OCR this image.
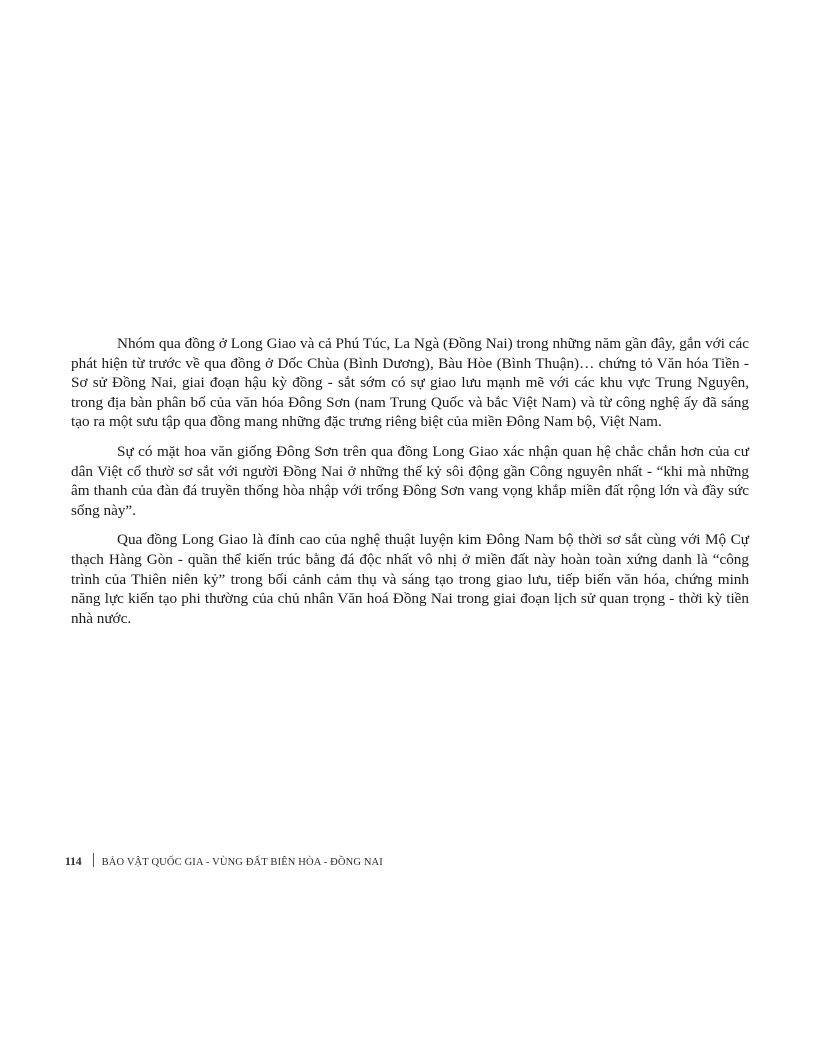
Nhóm qua đồng ở Long Giao và cả Phú Túc, La Ngà (Đồng Nai) trong những năm gần đây, gắn với các phát hiện từ trước về qua đồng ở Dốc Chùa (Bình Dương), Bàu Hòe (Bình Thuận)… chứng tỏ Văn hóa Tiền - Sơ sử Đồng Nai, giai đoạn hậu kỳ đồng - sắt sớm có sự giao lưu mạnh mẽ với các khu vực Trung Nguyên, trong địa bàn phân bố của văn hóa Đông Sơn (nam Trung Quốc và bắc Việt Nam) và từ công nghệ ấy đã sáng tạo ra một sưu tập qua đồng mang những đặc trưng riêng biệt của miền Đông Nam bộ, Việt Nam.

Sự có mặt hoa văn giống Đông Sơn trên qua đồng Long Giao xác nhận quan hệ chắc chắn hơn của cư dân Việt cổ thườ sơ sắt với người Đồng Nai ở những thế kỷ sôi động gần Công nguyên nhất - “khi mà những âm thanh của đàn đá truyền thống hòa nhập với trống Đông Sơn vang vọng khắp miền đất rộng lớn và đầy sức sống này”.

Qua đồng Long Giao là đỉnh cao của nghệ thuật luyện kim Đông Nam bộ thời sơ sắt cùng với Mộ Cự thạch Hàng Gòn - quần thể kiến trúc bằng đá độc nhất vô nhị ở miền đất này hoàn toàn xứng danh là “công trình của Thiên niên kỷ” trong bối cảnh cảm thụ và sáng tạo trong giao lưu, tiếp biến văn hóa, chứng minh năng lực kiến tạo phi thường của chủ nhân Văn hoá Đồng Nai trong giai đoạn lịch sử quan trọng - thời kỳ tiền nhà nước.

114 BẢO VẬT QUỐC GIA - VÙNG ĐẤT BIÊN HÒA - ĐỒNG NAI
